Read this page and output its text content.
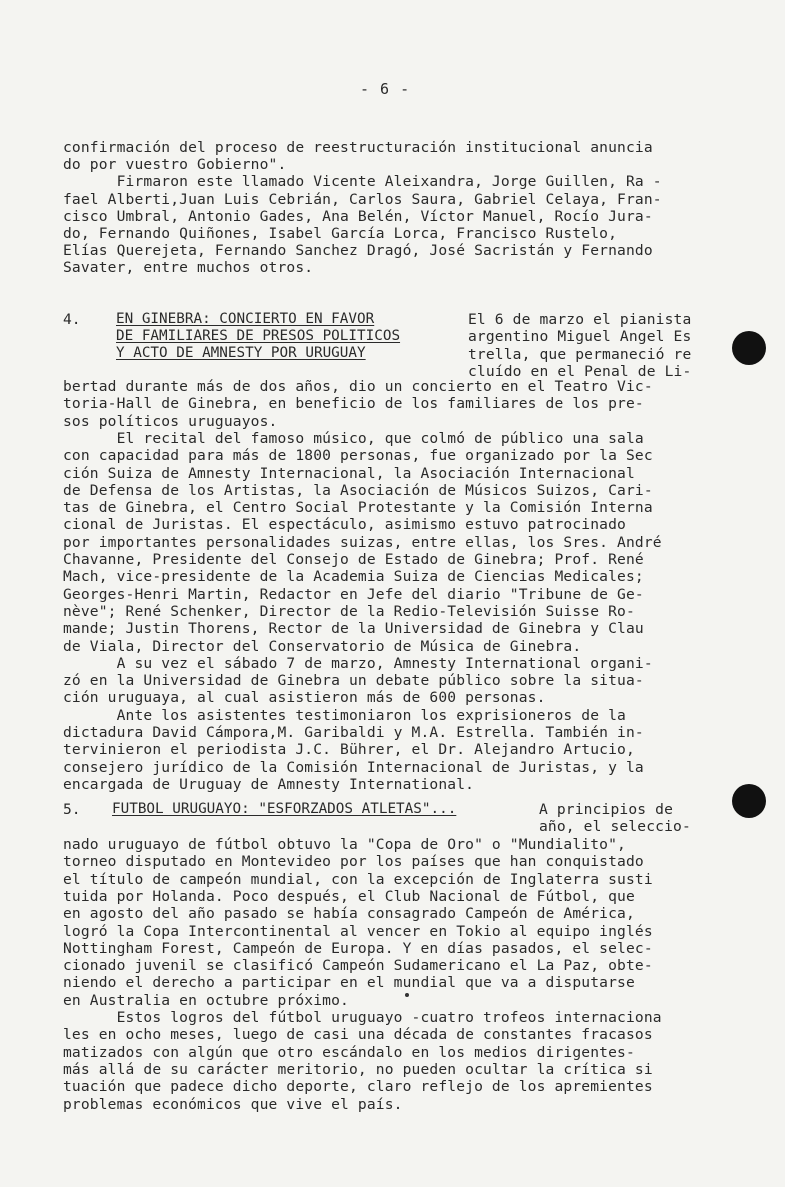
- 6 -
confirmación del proceso de reestructuración institucional anuncia
do por vuestro Gobierno".
Firmaron este llamado Vicente Aleixandra, Jorge Guillen, Ra -
fael Alberti,Juan Luis Cebrián, Carlos Saura, Gabriel Celaya, Fran-
cisco Umbral, Antonio Gades, Ana Belén, Víctor Manuel, Rocío Jura-
do, Fernando Quiñones, Isabel García Lorca, Francisco Rustelo,
Elías Querejeta, Fernando Sanchez Dragó, José Sacristán y Fernando
Savater, entre muchos otros.
4. EN GINEBRA: CONCIERTO EN FAVOR
DE FAMILIARES DE PRESOS POLITICOS
Y ACTO DE AMNESTY POR URUGUAY
El 6 de marzo el pianista
argentino Miguel Angel Es
trella, que permaneció re
cluído en el Penal de Li-
bertad durante más de dos años, dio un concierto en el Teatro Vic-
toria-Hall de Ginebra, en beneficio de los familiares de los pre-
sos políticos uruguayos.
El recital del famoso músico, que colmó de público una sala
con capacidad para más de 1800 personas, fue organizado por la Sec
ción Suiza de Amnesty Internacional, la Asociación Internacional
de Defensa de los Artistas, la Asociación de Músicos Suizos, Cari-
tas de Ginebra, el Centro Social Protestante y la Comisión Interna
cional de Juristas. El espectáculo, asimismo estuvo patrocinado
por importantes personalidades suizas, entre ellas, los Sres. André
Chavanne, Presidente del Consejo de Estado de Ginebra; Prof. René
Mach, vice-presidente de la Academia Suiza de Ciencias Medicales;
Georges-Henri Martin, Redactor en Jefe del diario "Tribune de Ge-
nève"; René Schenker, Director de la Redio-Televisión Suisse Ro-
mande; Justin Thorens, Rector de la Universidad de Ginebra y Clau
de Viala, Director del Conservatorio de Música de Ginebra.
A su vez el sábado 7 de marzo, Amnesty International organi-
zó en la Universidad de Ginebra un debate público sobre la situa-
ción uruguaya, al cual asistieron más de 600 personas.
Ante los asistentes testimoniaron los exprisioneros de la
dictadura David Cámpora,M. Garibaldi y M.A. Estrella. También in-
tervinieron el periodista J.C. Bührer, el Dr. Alejandro Artucio,
consejero jurídico de la Comisión Internacional de Juristas, y la
encargada de Uruguay de Amnesty International.
5. FUTBOL URUGUAYO: "ESFORZADOS ATLETAS"...	A principios de
año, el seleccio-
nado uruguayo de fútbol obtuvo la "Copa de Oro" o "Mundialito",
torneo disputado en Montevideo por los países que han conquistado
el título de campeón mundial, con la excepción de Inglaterra susti
tuida por Holanda. Poco después, el Club Nacional de Fútbol, que
en agosto del año pasado se había consagrado Campeón de América,
logró la Copa Intercontinental al vencer en Tokio al equipo inglés
Nottingham Forest, Campeón de Europa. Y en días pasados, el selec-
cionado juvenil se clasificó Campeón Sudamericano el La Paz, obte-
niendo el derecho a participar en el mundial que va a disputarse
en Australia en octubre próximo.
Estos logros del fútbol uruguayo -cuatro trofeos internaciona
les en ocho meses, luego de casi una década de constantes fracasos
matizados con algún que otro escándalo en los medios dirigentes-
más allá de su carácter meritorio, no pueden ocultar la crítica si
tuación que padece dicho deporte, claro reflejo de los apremientes
problemas económicos que vive el país.
